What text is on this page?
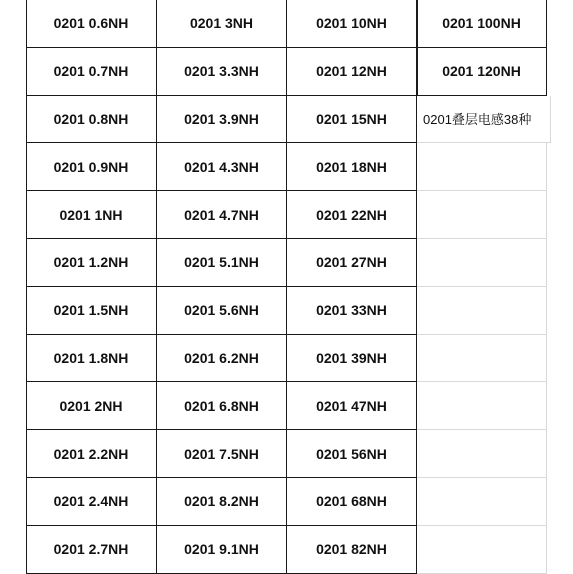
0201 0.6NH
0201 0.7NH
0201 0.8NH
0201 0.9NH
0201 1NH
0201 1.2NH
0201 1.5NH
0201 1.8NH
0201 2NH
0201 2.2NH
0201 2.4NH
0201 2.7NH
0201 3NH
0201 3.3NH
0201 3.9NH
0201 4.3NH
0201 4.7NH
0201 5.1NH
0201 5.6NH
0201 6.2NH
0201 6.8NH
0201 7.5NH
0201 8.2NH
0201 9.1NH
0201 10NH
0201 12NH
0201 15NH
0201 18NH
0201 22NH
0201 27NH
0201 33NH
0201 39NH
0201 47NH
0201 56NH
0201 68NH
0201 82NH
0201 100NH
0201 120NH
0201叠层电感38种
